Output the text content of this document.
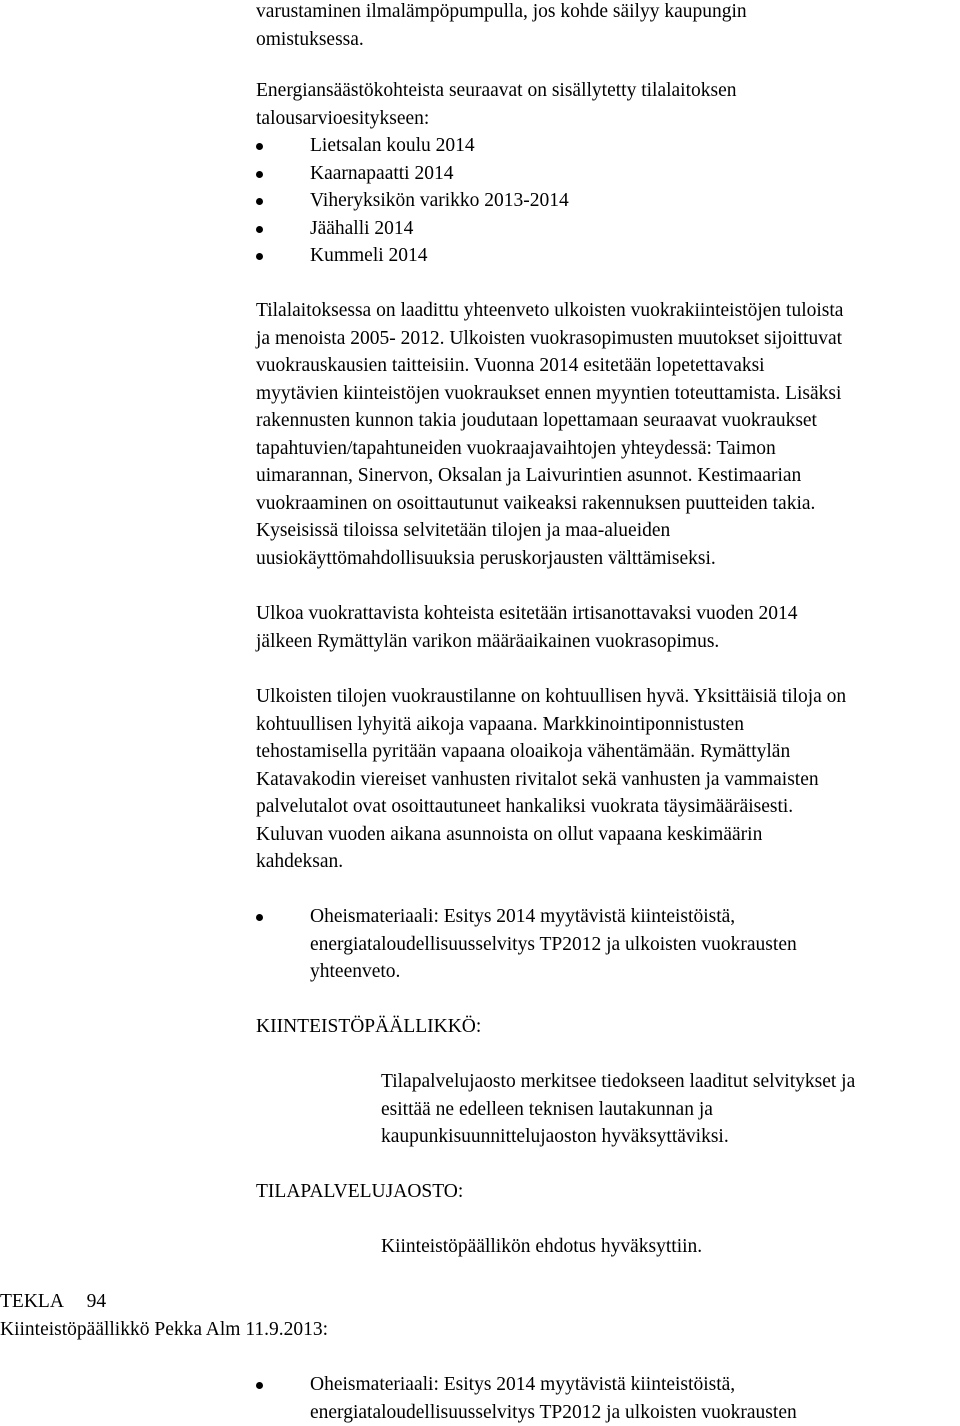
varustaminen ilmalämpöpumpulla, jos kohde säilyy kaupungin

omistuksessa.

Energiansäästökohteista seuraavat on sisällytetty tilalaitoksen

talousarvioesitykseen:

Lietsalan koulu 2014
Kaarnapaatti 2014
Viheryksikön varikko 2013-2014
Jäähalli 2014
Kummeli 2014

Tilalaitoksessa on laadittu yhteenveto ulkoisten vuokrakiinteistöjen tuloista

ja menoista 2005- 2012. Ulkoisten vuokrasopimusten muutokset sijoittuvat

vuokrauskausien taitteisiin. Vuonna 2014 esitetään lopetettavaksi

myytävien kiinteistöjen vuokraukset ennen myyntien toteuttamista. Lisäksi

rakennusten kunnon takia joudutaan lopettamaan seuraavat vuokraukset

tapahtuvien/tapahtuneiden vuokraajavaihtojen yhteydessä: Taimon

uimarannan, Sinervon, Oksalan ja Laivurintien asunnot. Kestimaarian

vuokraaminen on osoittautunut vaikeaksi rakennuksen puutteiden takia.

Kyseisissä tiloissa selvitetään tilojen ja maa-alueiden

uusiokäyttömahdollisuuksia peruskorjausten välttämiseksi.

Ulkoa vuokrattavista kohteista esitetään irtisanottavaksi vuoden 2014

jälkeen Rymättylän varikon määräaikainen vuokrasopimus.

Ulkoisten tilojen vuokraustilanne on kohtuullisen hyvä. Yksittäisiä tiloja on

kohtuullisen lyhyitä aikoja vapaana. Markkinointiponnistusten

tehostamisella pyritään vapaana oloaikoja vähentämään. Rymättylän

Katavakodin viereiset vanhusten rivitalot sekä vanhusten ja vammaisten

palvelutalot ovat osoittautuneet hankaliksi vuokrata täysimääräisesti.

Kuluvan vuoden aikana asunnoista on ollut vapaana keskimäärin

kahdeksan.

Oheismateriaali: Esitys 2014 myytävistä kiinteistöistä,
energiataloudellisuusselvitys TP2012 ja ulkoisten vuokrausten
yhteenveto.
KIINTEISTÖPÄÄLLIKKÖ:

Tilapalvelujaosto merkitsee tiedokseen laaditut selvitykset ja

esittää ne edelleen teknisen lautakunnan ja

kaupunkisuunnittelujaoston hyväksyttäviksi.

TILAPALVELUJAOSTO:
Kiinteistöpäällikön ehdotus hyväksyttiin.
TEKLA 94
Kiinteistöpäällikkö Pekka Alm 11.9.2013:
Oheismateriaali: Esitys 2014 myytävistä kiinteistöistä,
energiataloudellisuusselvitys TP2012 ja ulkoisten vuokrausten
